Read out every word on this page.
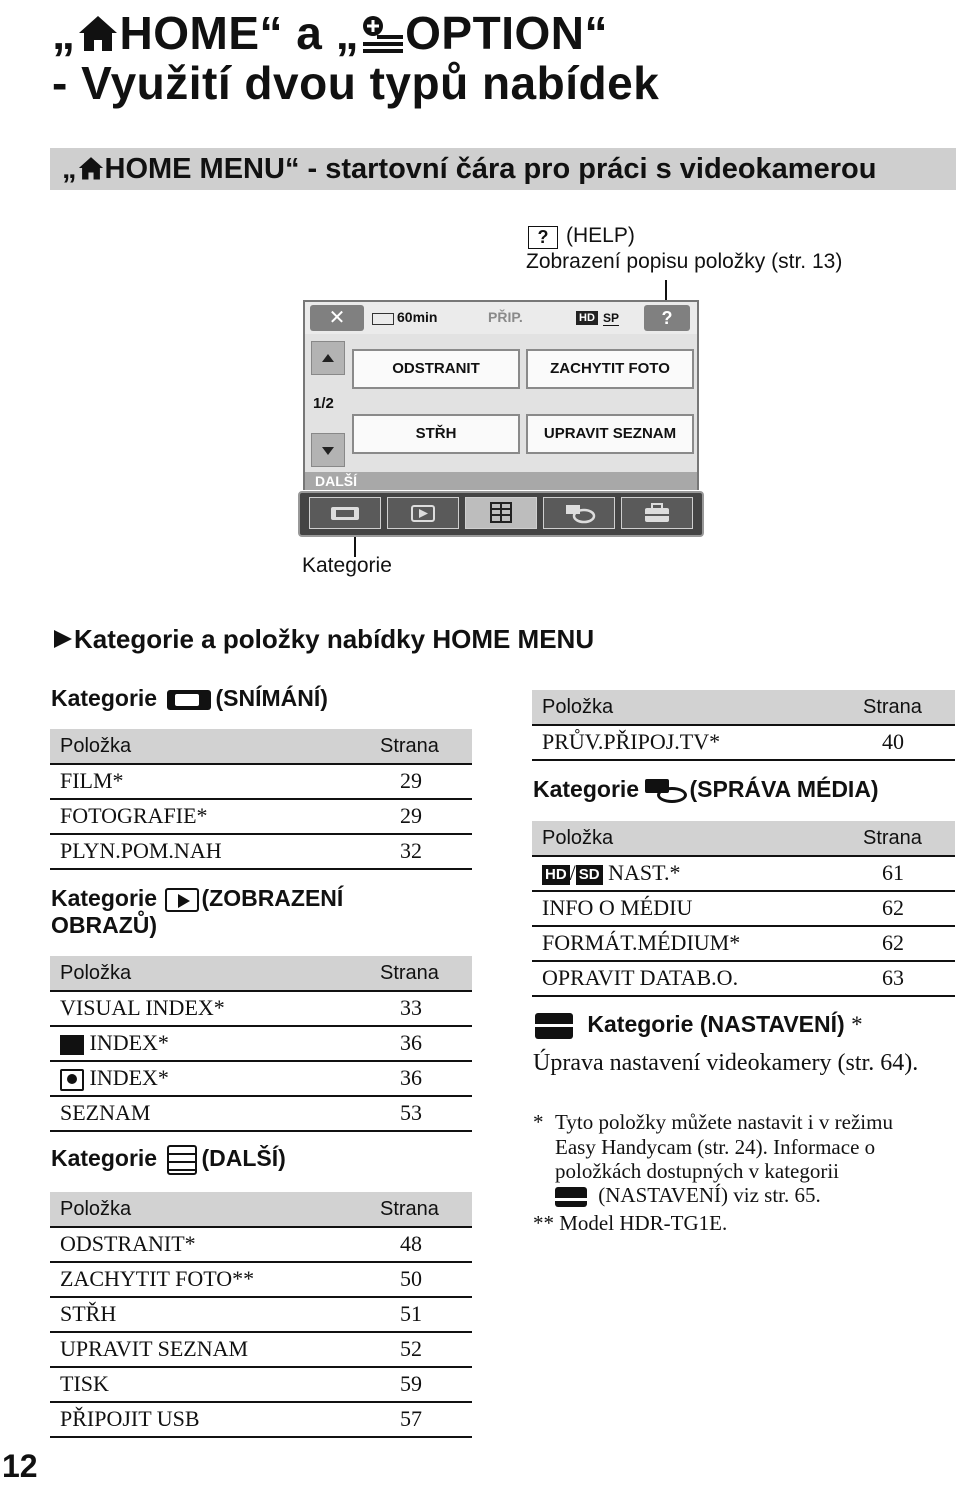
„ HOME“ a „ OPTION“
- Využití dvou typů nabídek
„ HOME MENU“ - startovní čára pro práci s videokamerou
? (HELP)
Zobrazení popisu položky (str. 13)
✕	60min	PŘIP.	HD SP	?
1/2
ODSTRANIT	ZACHYTIT FOTO
STŘH	UPRAVIT SEZNAM
DALŠÍ
Kategorie
Kategorie a položky nabídky HOME MENU
Kategorie	(SNÍMÁNÍ)
Položka	Strana
FILM*	29
FOTOGRAFIE*	29
PLYN.POM.NAH	32
Kategorie (ZOBRAZENÍ
OBRAZŮ)
Položka	Strana
VISUAL INDEX*	33
INDEX*	36
INDEX*	36
SEZNAM	53
Kategorie (DALŠÍ)
Položka	Strana
ODSTRANIT*	48
ZACHYTIT FOTO**	50
STŘH	51
UPRAVIT SEZNAM	52
TISK	59
PŘIPOJIT USB	57
Položka	Strana
PRŮV.PŘIPOJ.TV*	40
Kategorie (SPRÁVA MÉDIA)
Položka	Strana
HD / SD NAST.*	61
INFO O MÉDIU	62
FORMÁT.MÉDIUM*	62
OPRAVIT DATAB.O.	63
Kategorie (NASTAVENÍ) *
Úprava nastavení videokamery (str. 64).
* Tyto položky můžete nastavit i v režimu
Easy Handycam (str. 24). Informace o
položkách dostupných v kategorii
(NASTAVENÍ) viz str. 65.
** Model HDR-TG1E.
12
